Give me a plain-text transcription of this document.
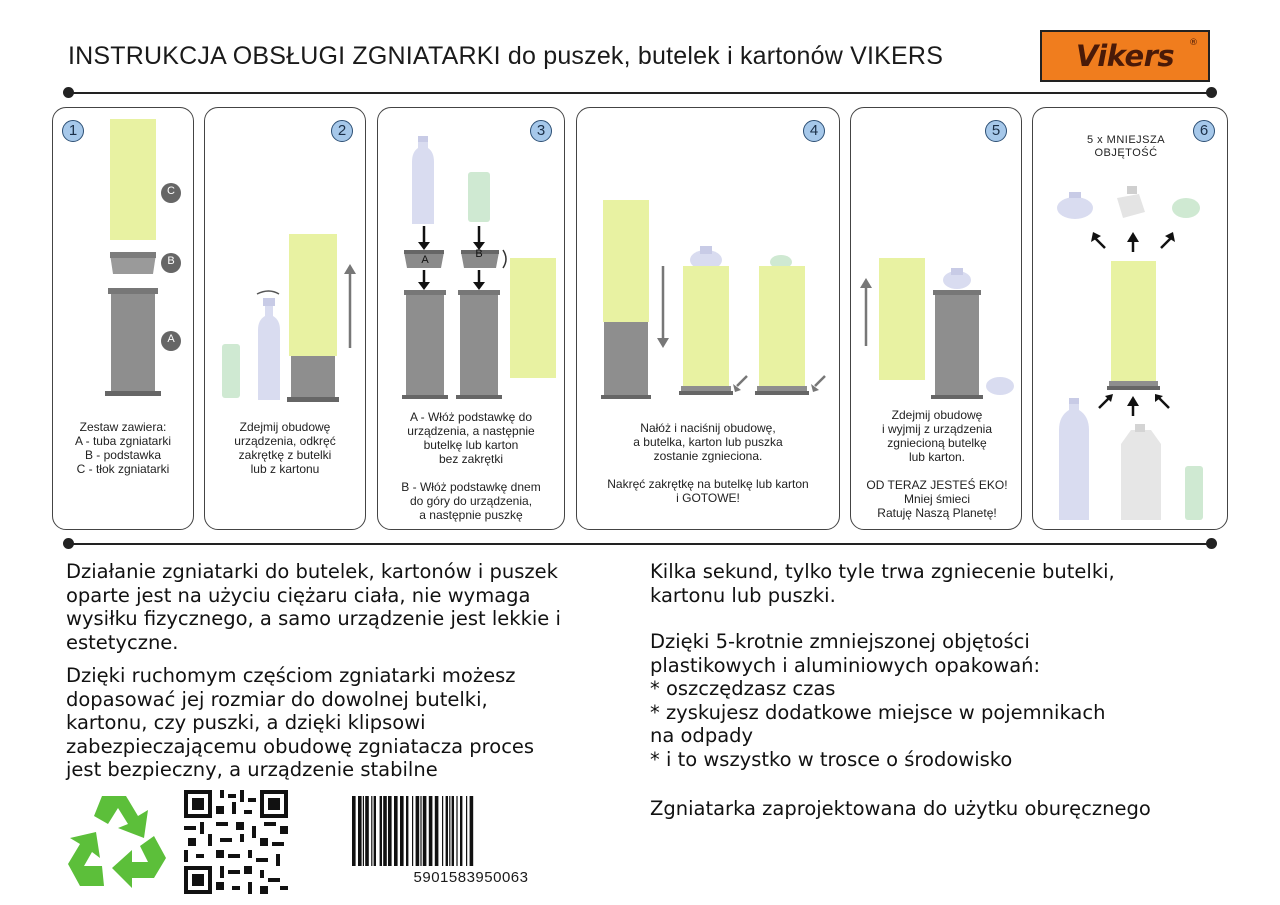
INSTRUKCJA OBSŁUGI ZGNIATARKI do puszek, butelek i kartonów VIKERS	Vikers	®
1
C
B
A
Zestaw zawiera:
A - tuba zgniatarki
B - podstawka
C - tłok zgniatarki
2
Zdejmij obudowę
urządzenia, odkręć
zakrętkę z butelki
lub z kartonu
3
A	B
A - Włóż podstawkę do
urządzenia, a następnie
butelkę lub karton
bez zakrętki

B - Włóż podstawkę dnem
do góry do urządzenia,
a następnie puszkę
4
Nałóż i naciśnij obudowę,
a butelka, karton lub puszka
zostanie zgnieciona.

Nakręć zakrętkę na butelkę lub karton
i GOTOWE!
5
Zdejmij obudowę
i wyjmij z urządzenia
zgniecioną butelkę
lub karton.

OD TERAZ JESTEŚ EKO!
Mniej śmieci
Ratuję Naszą Planetę!
6
5 x MNIEJSZA
OBJĘTOŚĆ
Działanie zgniatarki do butelek, kartonów i puszek
oparte jest na użyciu ciężaru ciała, nie wymaga
wysiłku fizycznego, a samo urządzenie jest lekkie i
estetyczne.
Dzięki ruchomym częściom zgniatarki możesz
dopasować jej rozmiar do dowolnej butelki,
kartonu, czy puszki, a dzięki klipsowi
zabezpieczającemu obudowę zgniatacza proces
jest bezpieczny, a urządzenie stabilne
Kilka sekund, tylko tyle trwa zgniecenie butelki,
kartonu lub puszki.
Dzięki 5-krotnie zmniejszonej objętości
plastikowych i aluminiowych opakowań:
* oszczędzasz czas
* zyskujesz dodatkowe miejsce w pojemnikach
na odpady
* i to wszystko w trosce o środowisko
Zgniatarka zaprojektowana do użytku oburęcznego
5901583950063
